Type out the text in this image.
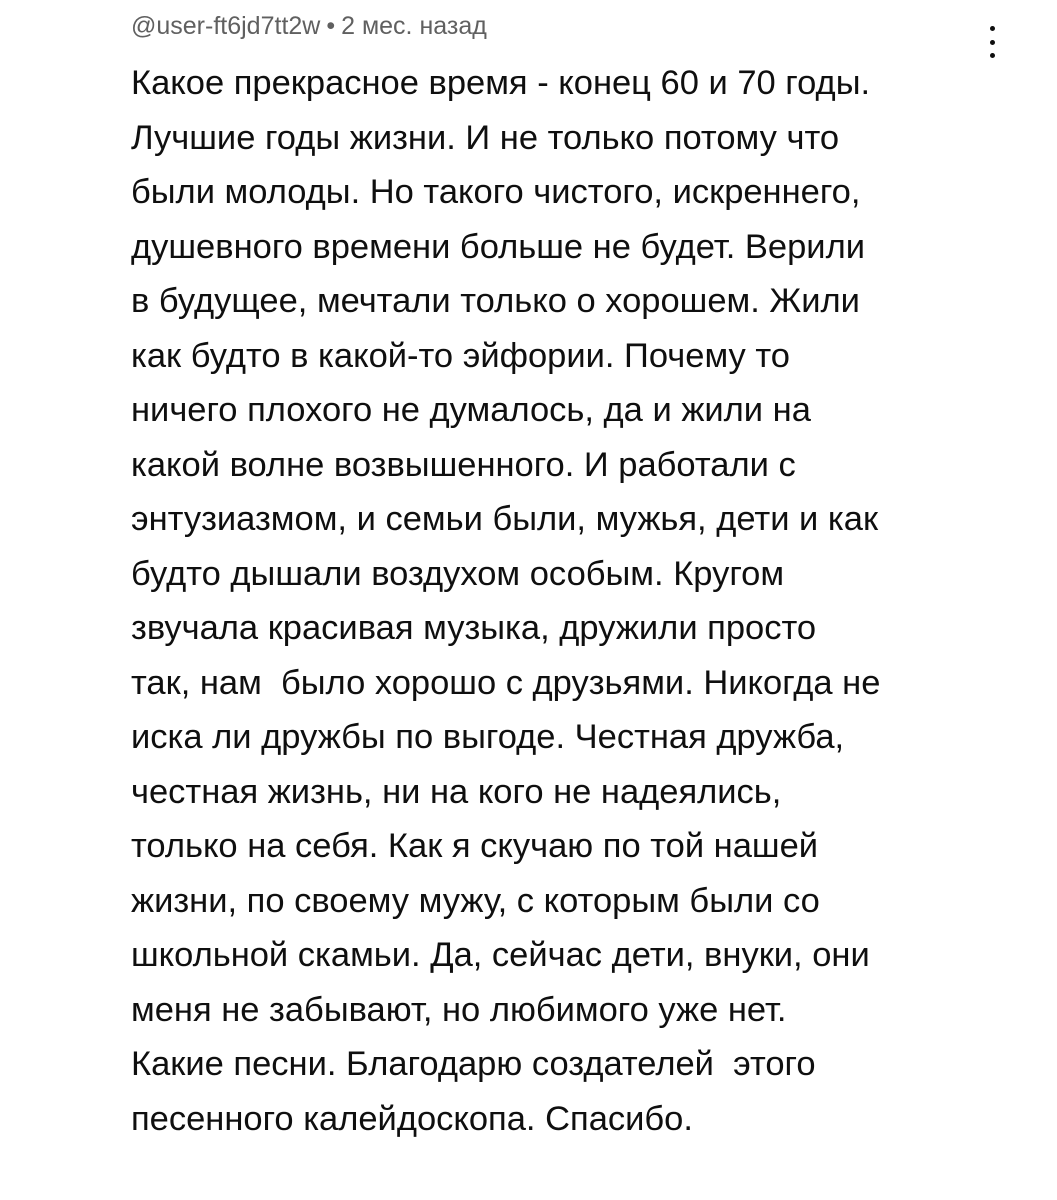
@user-ft6jd7tt2w • 2 мес. назад
Какое прекрасное время - конец 60 и 70 годы.
Лучшие годы жизни. И не только потому что
были молоды. Но такого чистого, искреннего,
душевного времени больше не будет. Верили
в будущее, мечтали только о хорошем. Жили
как будто в какой-то эйфории. Почему то
ничего плохого не думалось, да и жили на
какой волне возвышенного. И работали с
энтузиазмом, и семьи были, мужья, дети и как
будто дышали воздухом особым. Кругом
звучала красивая музыка, дружили просто
так, нам  было хорошо с друзьями. Никогда не
иска ли дружбы по выгоде. Честная дружба,
честная жизнь, ни на кого не надеялись,
только на себя. Как я скучаю по той нашей
жизни, по своему мужу, с которым были со
школьной скамьи. Да, сейчас дети, внуки, они
меня не забывают, но любимого уже нет.
Какие песни. Благодарю создателей  этого
песенного калейдоскопа. Спасибо.
